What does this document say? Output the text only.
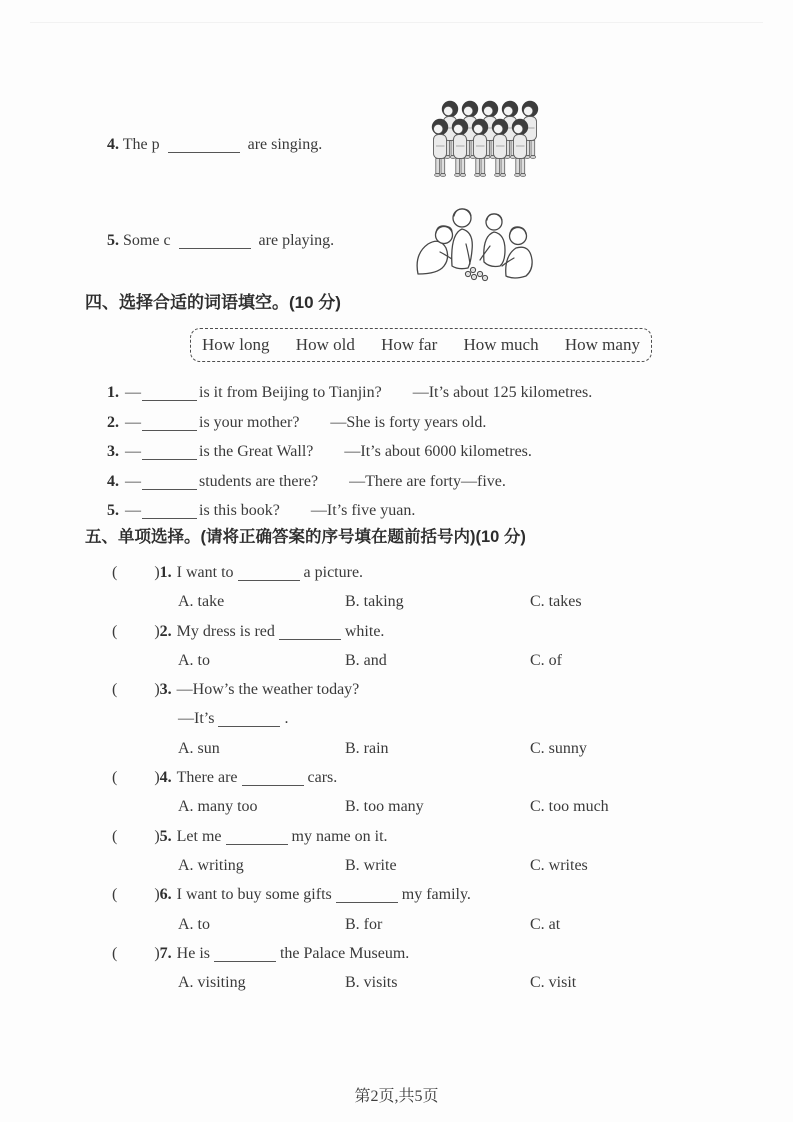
4. The p	are singing.
5. Some c	are playing.
四、选择合适的词语填空。(10 分)
How long How old How far How much How many
1. —	is it from Beijing to Tianjin? —It’s about 125 kilometres.
2. —	is your mother? —She is forty years old.
3. —	is the Great Wall? —It’s about 6000 kilometres.
4. —	students are there? —There are forty—five.
5. —	is this book? —It’s five yuan.
五、单项选择。(请将正确答案的序号填在题前括号内)(10 分)
( )1. I want to	a picture.
A. take	B. taking	C. takes
( )2. My dress is red	white.
A. to	B. and	C. of
( )3. —How’s the weather today?
—It’s	.
A. sun	B. rain	C. sunny
( )4. There are	cars.
A. many too	B. too many	C. too much
( )5. Let me	my name on it.
A. writing	B. write	C. writes
( )6. I want to buy some gifts	my family.
A. to	B. for	C. at
( )7. He is	the Palace Museum.
A. visiting	B. visits	C. visit
第2页,共5页
